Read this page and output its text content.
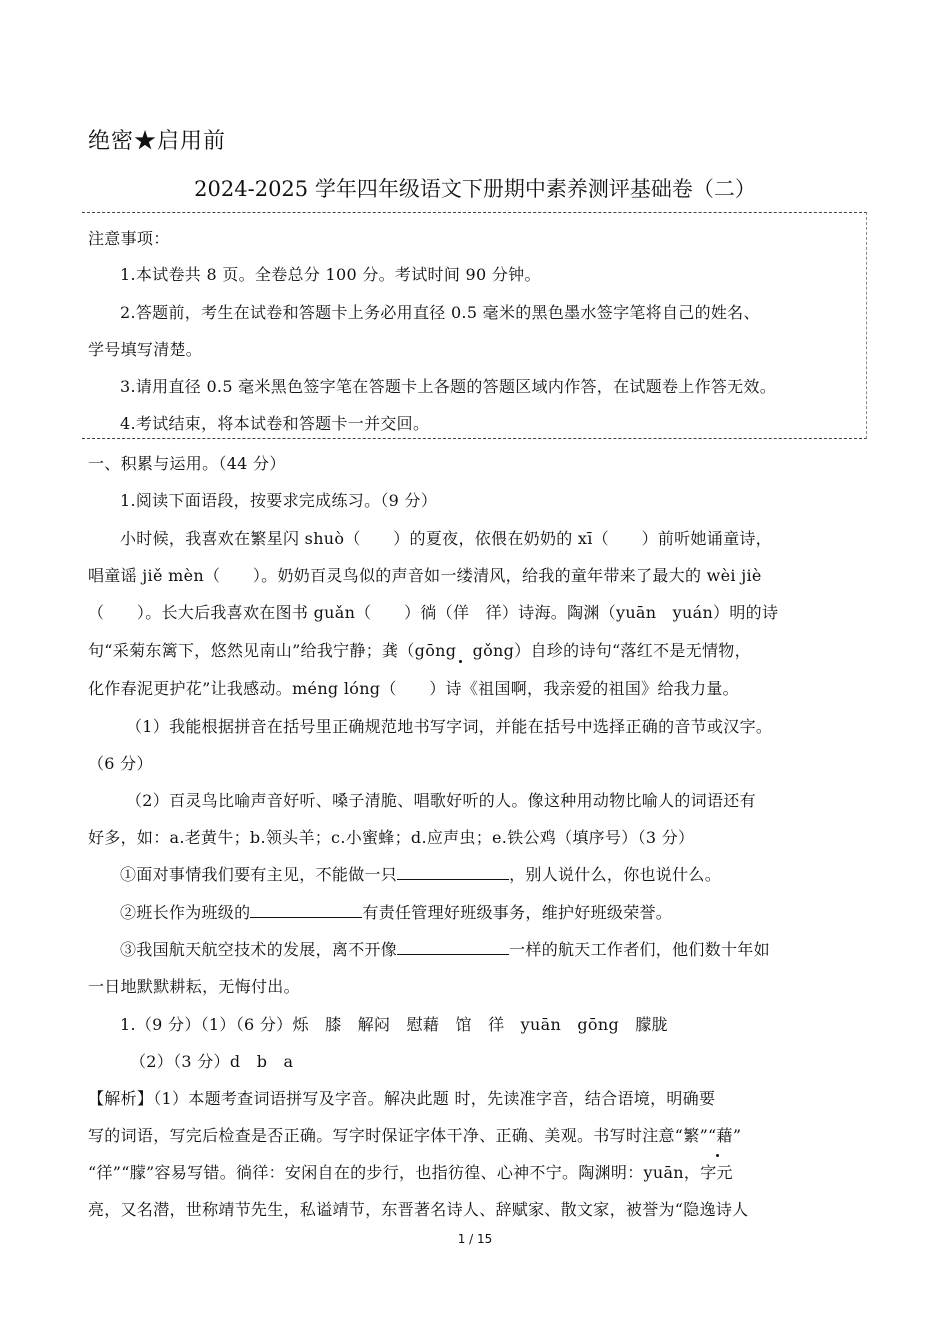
绝密★启用前
2024-2025 学年四年级语文下册期中素养测评基础卷（二）
注意事项：
1.本试卷共 8 页。全卷总分 100 分。考试时间 90 分钟。
2.答题前，考生在试卷和答题卡上务必用直径 0.5 毫米的黑色墨水签字笔将自己的姓名、
学号填写清楚。
3.请用直径 0.5 毫米黑色签字笔在答题卡上各题的答题区域内作答，在试题卷上作答无效。
4.考试结束，将本试卷和答题卡一并交回。
一、积累与运用。（44 分）
1.阅读下面语段，按要求完成练习。（9 分）
小时候，我喜欢在繁星闪 shuò（　　）的夏夜，依偎在奶奶的 xī（　　）前听她诵童诗，
唱童谣 jiě mèn（　　）。奶奶百灵鸟似的声音如一缕清风，给我的童年带来了最大的 wèi jiè
（　　）。长大后我喜欢在图书 guǎn（　　）徜（佯　徉）诗海。陶渊（yuān　yuán）明的诗
句“采菊东篱下，悠然见南山”给我宁静；龚（gōng　gǒng）自珍的诗句“落红不是无情物，
化作春泥更护花”让我感动。méng lóng（　　）诗《祖国啊，我亲爱的祖国》给我力量。
（1）我能根据拼音在括号里正确规范地书写字词，并能在括号中选择正确的音节或汉字。
（6 分）
（2）百灵鸟比喻声音好听、嗓子清脆、唱歌好听的人。像这种用动物比喻人的词语还有
好多，如：a.老黄牛；b.领头羊；c.小蜜蜂；d.应声虫；e.铁公鸡（填序号）（3 分）
①面对事情我们要有主见，不能做一只	，别人说什么，你也说什么。
②班长作为班级的	有责任管理好班级事务，维护好班级荣誉。
③我国航天航空技术的发展，离不开像	一样的航天工作者们，他们数十年如
一日地默默耕耘，无悔付出。
1.（9 分）（1）（6 分）烁　膝　解闷　慰藉　馆　徉　yuān　gōng　朦胧
（2）（3 分）d　b　a
【解析】（1）本题考查词语拼写及字音。解决此题 时，先读准字音，结合语境，明确要
写的词语，写完后检查是否正确。写字时保证字体干净、正确、美观。书写时注意“繁”“藉”
“徉”“朦”容易写错。徜徉：安闲自在的步行，也指彷徨、心神不宁。陶渊明：yuān，字元
亮，又名潜，世称靖节先生，私谥靖节，东晋著名诗人、辞赋家、散文家，被誉为“隐逸诗人
1 / 15
